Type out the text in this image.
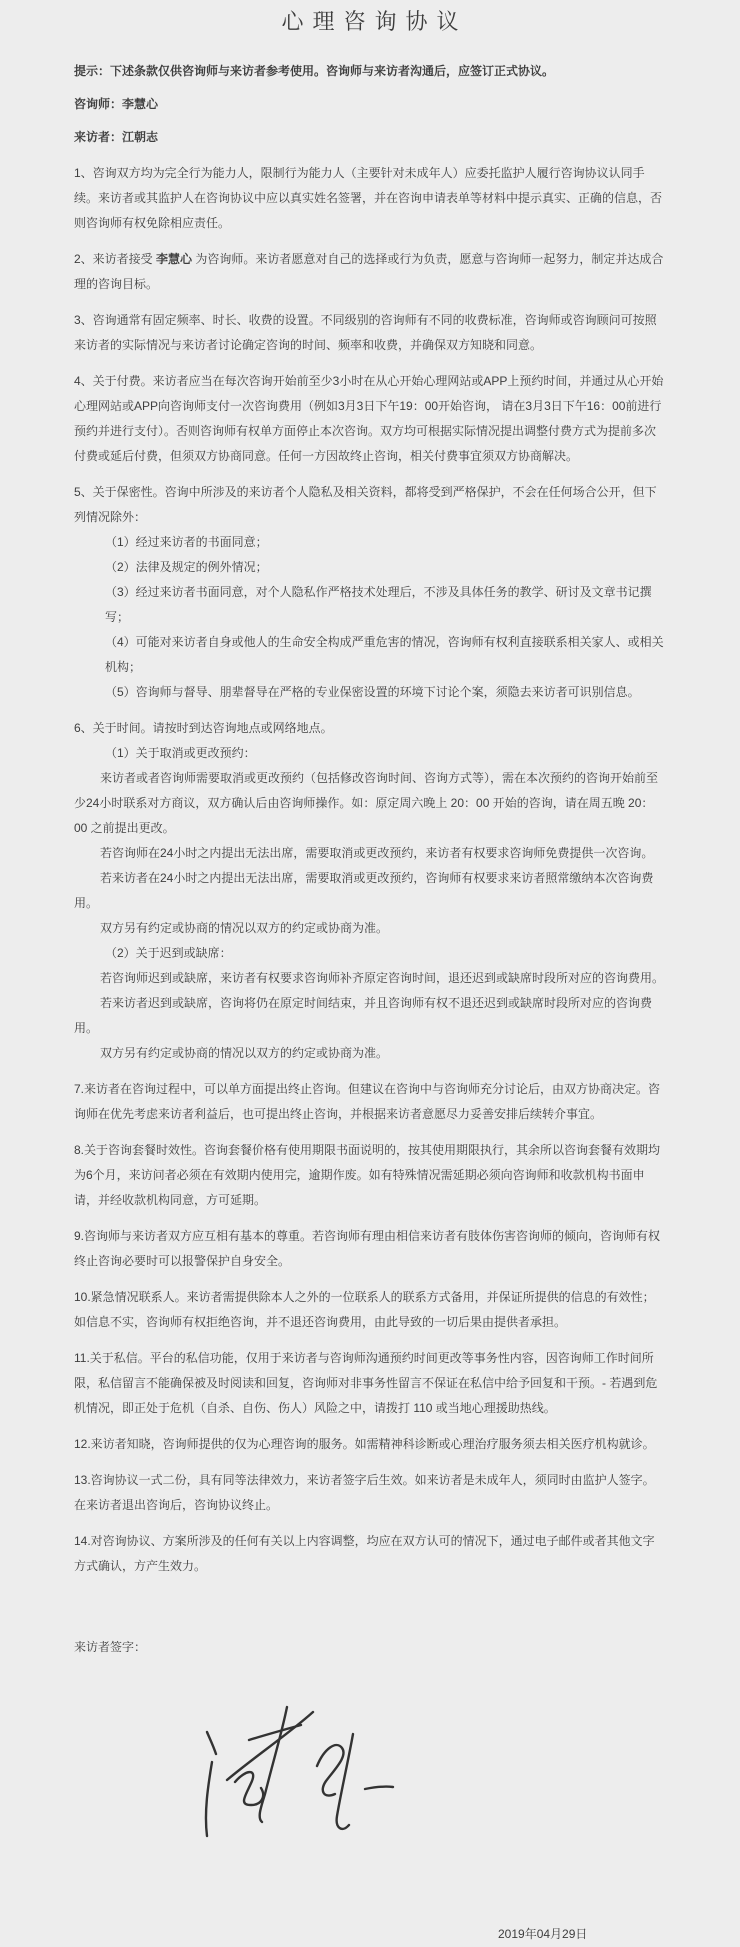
心理咨询协议

提示：下述条款仅供咨询师与来访者参考使用。咨询师与来访者沟通后，应签订正式协议。

咨询师：李慧心

来访者：江朝志

1、咨询双方均为完全行为能力人，限制行为能力人（主要针对未成年人）应委托监护人履行咨询协议认同手续。来访者或其监护人在咨询协议中应以真实姓名签署，并在咨询申请表单等材料中提示真实、正确的信息，否则咨询师有权免除相应责任。

2、来访者接受 李慧心 为咨询师。来访者愿意对自己的选择或行为负责，愿意与咨询师一起努力，制定并达成合理的咨询目标。

3、咨询通常有固定频率、时长、收费的设置。不同级别的咨询师有不同的收费标准，咨询师或咨询顾问可按照来访者的实际情况与来访者讨论确定咨询的时间、频率和收费，并确保双方知晓和同意。

4、关于付费。来访者应当在每次咨询开始前至少3小时在从心开始心理网站或APP上预约时间，并通过从心开始心理网站或APP向咨询师支付一次咨询费用（例如3月3日下午19：00开始咨询， 请在3月3日下午16：00前进行预约并进行支付）。否则咨询师有权单方面停止本次咨询。双方均可根据实际情况提出调整付费方式为提前多次付费或延后付费，但须双方协商同意。任何一方因故终止咨询，相关付费事宜须双方协商解决。

5、关于保密性。咨询中所涉及的来访者个人隐私及相关资料，都将受到严格保护，不会在任何场合公开，但下列情况除外：

（1）经过来访者的书面同意；

（2）法律及规定的例外情况；

（3）经过来访者书面同意，对个人隐私作严格技术处理后，不涉及具体任务的教学、研讨及文章书记撰写；

（4）可能对来访者自身或他人的生命安全构成严重危害的情况，咨询师有权利直接联系相关家人、或相关机构；

（5）咨询师与督导、朋辈督导在严格的专业保密设置的环境下讨论个案，须隐去来访者可识别信息。

6、关于时间。请按时到达咨询地点或网络地点。

（1）关于取消或更改预约：

来访者或者咨询师需要取消或更改预约（包括修改咨询时间、咨询方式等），需在本次预约的咨询开始前至少24小时联系对方商议，双方确认后由咨询师操作。如：原定周六晚上 20：00 开始的咨询，请在周五晚 20：00 之前提出更改。

若咨询师在24小时之内提出无法出席，需要取消或更改预约，来访者有权要求咨询师免费提供一次咨询。

若来访者在24小时之内提出无法出席，需要取消或更改预约，咨询师有权要求来访者照常缴纳本次咨询费用。

双方另有约定或协商的情况以双方的约定或协商为准。

（2）关于迟到或缺席：

若咨询师迟到或缺席，来访者有权要求咨询师补齐原定咨询时间，退还迟到或缺席时段所对应的咨询费用。

若来访者迟到或缺席，咨询将仍在原定时间结束，并且咨询师有权不退还迟到或缺席时段所对应的咨询费用。

双方另有约定或协商的情况以双方的约定或协商为准。

7.来访者在咨询过程中，可以单方面提出终止咨询。但建议在咨询中与咨询师充分讨论后，由双方协商决定。咨询师在优先考虑来访者利益后，也可提出终止咨询，并根据来访者意愿尽力妥善安排后续转介事宜。

8.关于咨询套餐时效性。咨询套餐价格有使用期限书面说明的，按其使用期限执行，其余所以咨询套餐有效期均为6个月，来访问者必须在有效期内使用完，逾期作废。如有特殊情况需延期必须向咨询师和收款机构书面申请，并经收款机构同意，方可延期。

9.咨询师与来访者双方应互相有基本的尊重。若咨询师有理由相信来访者有肢体伤害咨询师的倾向，咨询师有权终止咨询必要时可以报警保护自身安全。

10.紧急情况联系人。来访者需提供除本人之外的一位联系人的联系方式备用，并保证所提供的信息的有效性；如信息不实，咨询师有权拒绝咨询，并不退还咨询费用，由此导致的一切后果由提供者承担。

11.关于私信。平台的私信功能，仅用于来访者与咨询师沟通预约时间更改等事务性内容，因咨询师工作时间所限，私信留言不能确保被及时阅读和回复，咨询师对非事务性留言不保证在私信中给予回复和干预。- 若遇到危机情况，即正处于危机（自杀、自伤、伤人）风险之中，请拨打 110 或当地心理援助热线。

12.来访者知晓，咨询师提供的仅为心理咨询的服务。如需精神科诊断或心理治疗服务须去相关医疗机构就诊。

13.咨询协议一式二份，具有同等法律效力，来访者签字后生效。如来访者是未成年人，须同时由监护人签字。在来访者退出咨询后，咨询协议终止。

14.对咨询协议、方案所涉及的任何有关以上内容调整，均应在双方认可的情况下，通过电子邮件或者其他文字方式确认，方产生效力。

来访者签字：

2019年04月29日
